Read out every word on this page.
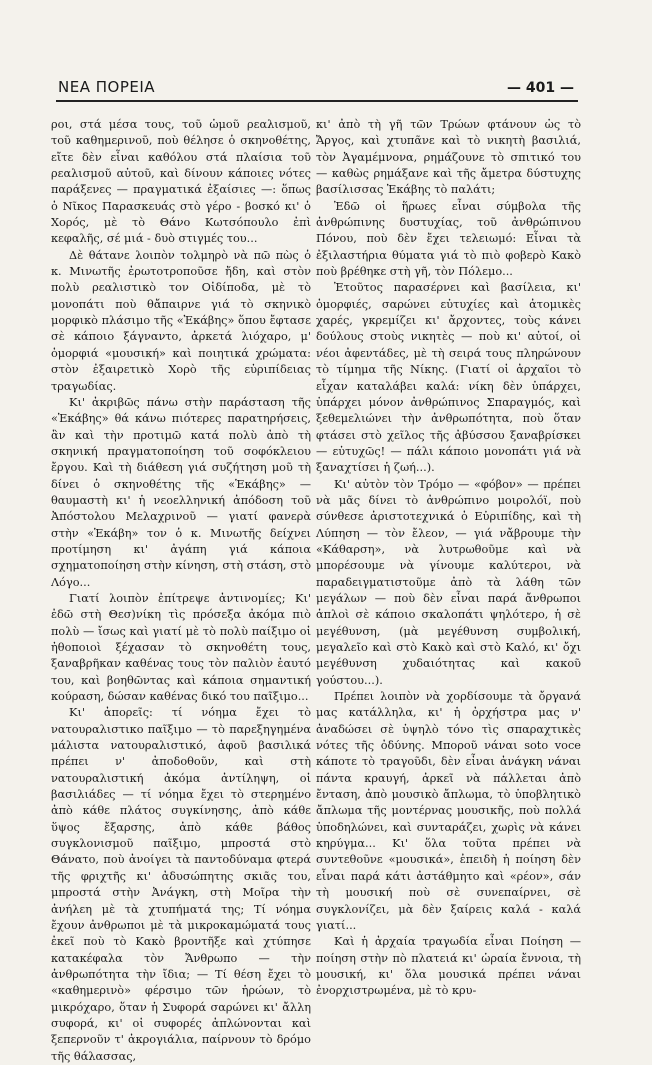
ΝΕΑ ΠΟΡΕΙΑ	— 401 —

ροι, στά μέσα τους, τοῦ ὡμοῦ ρεαλισμοῦ, τοῦ καθημερινοῦ, ποὺ θέλησε ὁ σκηνοθέτης, εἴτε δὲν εἶναι καθόλου στά πλαίσια τοῦ ρεαλισμοῦ αὐτοῦ, καὶ δίνουν κάποιες νότες παράξενες — πραγματικά ἐξαίσιες —: ὅπως ὁ Νῖκος Παρασκευάς στὸ γέρο - βοσκό κι' ὁ Χορός, μὲ τὸ Θάνο Κωτσόπουλο ἐπὶ κεφαλῆς, σέ μιά - δυὸ στιγμές του...

Δὲ θάτανε λοιπὸν τολμηρὸ νὰ πῶ πὼς ὁ κ. Μινωτῆς ἐρωτοτροποῦσε ἤδη, καὶ στὸν πολὺ ρεαλιστικὸ τον Οἰδίποδα, μὲ τὸ μονοπάτι ποὺ θἄπαιρνε γιά τὸ σκηνικὸ μορφικὸ πλάσιμο τῆς «Ἑκάβης» ὅπου ἔφτασε σὲ κάποιο ξάγναντο, ἀρκετά λιόχαρο, μ' ὁμορφιά «μουσική» καὶ ποιητικά χρώματα: στὸν ἐξαιρετικὸ Χορὸ τῆς εὐριπίδειας τραγωδίας.

Κι' ἀκριβῶς πάνω στὴν παράσταση τῆς «Ἑκάβης» θά κάνω πιότερες παρατηρήσεις, ἂν καὶ τὴν προτιμῶ κατά πολὺ ἀπὸ τὴ σκηνική πραγματοποίηση τοῦ σοφόκλειου ἔργου. Καὶ τὴ διάθεση γιά συζήτηση μοῦ τὴ δίνει ὁ σκηνοθέτης τῆς «Ἑκάβης» — θαυμαστὴ κι' ἡ νεοελληνική ἀπόδοση τοῦ Ἀπόστολου Μελαχρινοῦ — γιατί φανερὰ στὴν «Ἑκάβη» τον ὁ κ. Μινωτῆς δείχνει προτίμηση κι' ἀγάπη γιά κάποια σχηματοποίηση στὴν κίνηση, στὴ στάση, στὸ Λόγο...

Γιατί λοιπὸν ἐπίτρεψε ἀντινομίες; Κι' ἐδῶ στὴ Θεσ)νίκη τὶς πρόσεξα ἀκόμα πιὸ πολὺ — ἴσως καὶ γιατί μὲ τὸ πολὺ παίξιμο οἱ ἠθοποιοὶ ξέχασαν τὸ σκηνοθέτη τους, ξαναβρῆκαν καθένας τους τὸν παλιὸν ἑαυτό του, καὶ βοηθῶντας καὶ κάποια σημαντική κούραση, δώσαν καθένας δικό του παῖξιμο...

Κι' ἀπορεῖς: τί νόημα ἔχει τὸ νατουραλιστικο παῖξιμο — τὸ παρεξηγημένα μάλιστα νατουραλιστικό, ἀφοῦ βασιλικά πρέπει ν' ἀποδοθοῦν, καὶ στὴ νατουραλιστική ἀκόμα ἀντίληψη, οἱ βασιλιάδες — τί νόημα ἔχει τὸ στερημένο ἀπὸ κάθε πλάτος συγκίνησης, ἀπὸ κάθε ὕψος ἔξαρσης, ἀπὸ κάθε βάθος συγκλονισμοῦ παῖξιμο, μπροστά στὸ Θάνατο, ποὺ ἀνοίγει τὰ παντοδύναμα φτερά τῆς φριχτῆς κι' ἀδυσώπητης σκιᾶς του, μπροστά στὴν Ἀνάγκη, στὴ Μοῖρα τὴν ἀνήλεη μὲ τὰ χτυπήματά της; Τί νόημα ἔχουν ἀνθρωποι μὲ τὰ μικροκαμώματά τους ἐκεῖ ποὺ τὸ Κακὸ βροντῆξε καὶ χτύπησε κατακέφαλα τὸν Ἄνθρωπο — τὴν ἀνθρωπότητα τὴν ἴδια; — Τί θέση ἔχει τὸ «καθημερινὸ» φέρσιμο τῶν ἡρώων, τὸ μικρόχαρο, ὅταν ἡ Συφορά σαρώνει κι' ἄλλη συφορά, κι' οἱ συφορές ἁπλώνονται καὶ ξεπερνοῦν τ' ἀκρογιάλια, παίρνουν τὸ δρόμο τῆς θάλασσας,

κι' ἀπὸ τὴ γῆ τῶν Τρώων φτάνουν ὡς τὸ Ἄργος, καὶ χτυπᾶνε καὶ τὸ νικητὴ βασιλιά, τὸν Ἀγαμέμνονα, ρημάζουνε τὸ σπιτικό του — καθὼς ρημάξανε καὶ τῆς ἄμετρα δύστυχης βασίλισσας Ἑκάβης τὸ παλάτι;

Ἐδῶ οἱ ἥρωες εἶναι σύμβολα τῆς ἀνθρώπινης δυστυχίας, τοῦ ἀνθρώπινου Πόνου, ποὺ δὲν ἔχει τελειωμό: Εἶναι τὰ ἐξιλαστήρια θύματα γιά τὸ πιὸ φοβερὸ Κακὸ ποὺ βρέθηκε στὴ γῆ, τὸν Πόλεμο...

Ἐτοῦτος παρασέρνει καὶ βασίλεια, κι' ὁμορφιές, σαρώνει εὐτυχίες καὶ ἀτομικὲς χαρές, γκρεμίζει κι' ἄρχοντες, τοὺς κάνει δούλους στοὺς νικητὲς — ποὺ κι' αὐτοί, οἱ νέοι ἀφεντάδες, μὲ τὴ σειρά τους πληρώνουν τὸ τίμημα τῆς Νίκης. (Γιατί οἱ ἀρχαῖοι τὸ εἶχαν καταλάβει καλά: νίκη δὲν ὑπάρχει, ὑπάρχει μόνον ἀνθρώπινος Σπαραγμός, καὶ ξεθεμελιώνει τὴν ἀνθρωπότητα, ποὺ ὅταν φτάσει στὸ χεῖλος τῆς ἀβύσσου ξαναβρίσκει — εὐτυχῶς! — πάλι κάποιο μονοπάτι γιά νὰ ξαναχτίσει ἡ ζωή...).

Κι' αὐτὸν τὸν Τρόμο — «φόβον» — πρέπει νὰ μᾶς δίνει τὸ ἀνθρώπινο μοιρολόϊ, ποὺ σύνθεσε ἀριστοτεχνικά ὁ Εὐριπίδης, καὶ τὴ Λύπηση — τὸν ἔλεον, — γιά νἄβρουμε τὴν «Κάθαρση», νὰ λυτρωθοῦμε καὶ νὰ μπορέσουμε νὰ γίνουμε καλύτεροι, νὰ παραδειγματιστοῦμε ἀπὸ τὰ λάθη τῶν μεγάλων — ποὺ δὲν εἶναι παρά ἄνθρωποι ἁπλοὶ σὲ κάποιο σκαλοπάτι ψηλότερο, ἡ σὲ μεγέθυνση, (μὰ μεγέθυνση συμβολική, μεγαλεῖο καὶ στὸ Κακὸ καὶ στὸ Καλό, κι' ὄχι μεγέθυνση χυδαιότητας καὶ κακοῦ γούστου...).

Πρέπει λοιπὸν νὰ χορδίσουμε τὰ ὄργανά μας κατάλληλα, κι' ἡ ὀρχήστρα μας ν' ἀναδώσει σὲ ὑψηλὸ τόνο τὶς σπαραχτικὲς νότες τῆς ὀδύνης. Μποροῦ νάναι soto voce κάποτε τὸ τραγοῦδι, δὲν εἶναι ἀνάγκη νάναι πάντα κραυγή, ἀρκεῖ νὰ πάλλεται ἀπὸ ἔνταση, ἀπὸ μουσικὸ ἄπλωμα, τὸ ὑποβλητικὸ ἄπλωμα τῆς μοντέρνας μουσικῆς, ποὺ πολλά ὑποδηλώνει, καὶ συνταράζει, χωρὶς νὰ κάνει κηρύγμα... Κι' ὅλα τοῦτα πρέπει νὰ συντεθοῦνε «μουσικά», ἐπειδὴ ἡ ποίηση δὲν εἶναι παρά κάτι ἀστάθμητο καὶ «ρέον», σάν τὴ μουσική ποὺ σὲ συνεπαίρνει, σὲ συγκλονίζει, μὰ δὲν ξαίρεις καλά - καλά γιατί...

Καὶ ἡ ἀρχαία τραγωδία εἶναι Ποίηση — ποίηση στὴν πὸ πλατειά κι' ὡραία ἔννοια, τὴ μουσική, κι' ὅλα μουσικά πρέπει νάναι ἐνορχιστρωμένα, μὲ τὸ κρυ-
